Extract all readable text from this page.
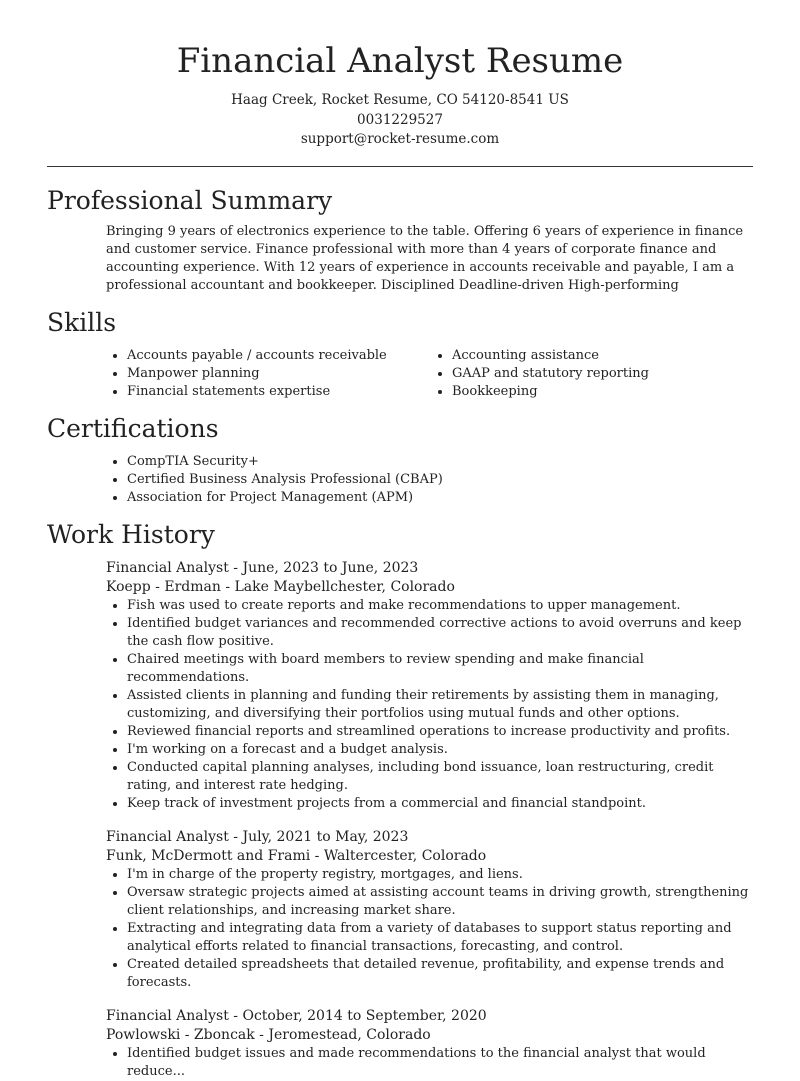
Financial Analyst Resume
Haag Creek, Rocket Resume, CO 54120-8541 US
0031229527
support@rocket-resume.com
Professional Summary

Bringing 9 years of electronics experience to the table. Offering 6 years of experience in finance and customer service. Finance professional with more than 4 years of corporate finance and accounting experience. With 12 years of experience in accounts receivable and payable, I am a professional accountant and bookkeeper. Disciplined Deadline-driven High-performing

Skills
• Accounts payable / accounts receivable
• Manpower planning
• Financial statements expertise
• Accounting assistance
• GAAP and statutory reporting
• Bookkeeping
Certifications
• CompTIA Security+
• Certified Business Analysis Professional (CBAP)
• Association for Project Management (APM)
Work History
Financial Analyst - June, 2023 to June, 2023
Koepp - Erdman - Lake Maybellchester, Colorado
• Fish was used to create reports and make recommendations to upper management.
• Identified budget variances and recommended corrective actions to avoid overruns and keep the cash flow positive.
• Chaired meetings with board members to review spending and make financial recommendations.
• Assisted clients in planning and funding their retirements by assisting them in managing, customizing, and diversifying their portfolios using mutual funds and other options.
• Reviewed financial reports and streamlined operations to increase productivity and profits.
• I'm working on a forecast and a budget analysis.
• Conducted capital planning analyses, including bond issuance, loan restructuring, credit rating, and interest rate hedging.
• Keep track of investment projects from a commercial and financial standpoint.
Financial Analyst - July, 2021 to May, 2023
Funk, McDermott and Frami - Waltercester, Colorado
• I'm in charge of the property registry, mortgages, and liens.
• Oversaw strategic projects aimed at assisting account teams in driving growth, strengthening client relationships, and increasing market share.
• Extracting and integrating data from a variety of databases to support status reporting and analytical efforts related to financial transactions, forecasting, and control.
• Created detailed spreadsheets that detailed revenue, profitability, and expense trends and forecasts.
Financial Analyst - October, 2014 to September, 2020
Powlowski - Zboncak - Jeromestead, Colorado
• Identified budget issues and made recommendations to the financial analyst that would reduce...
